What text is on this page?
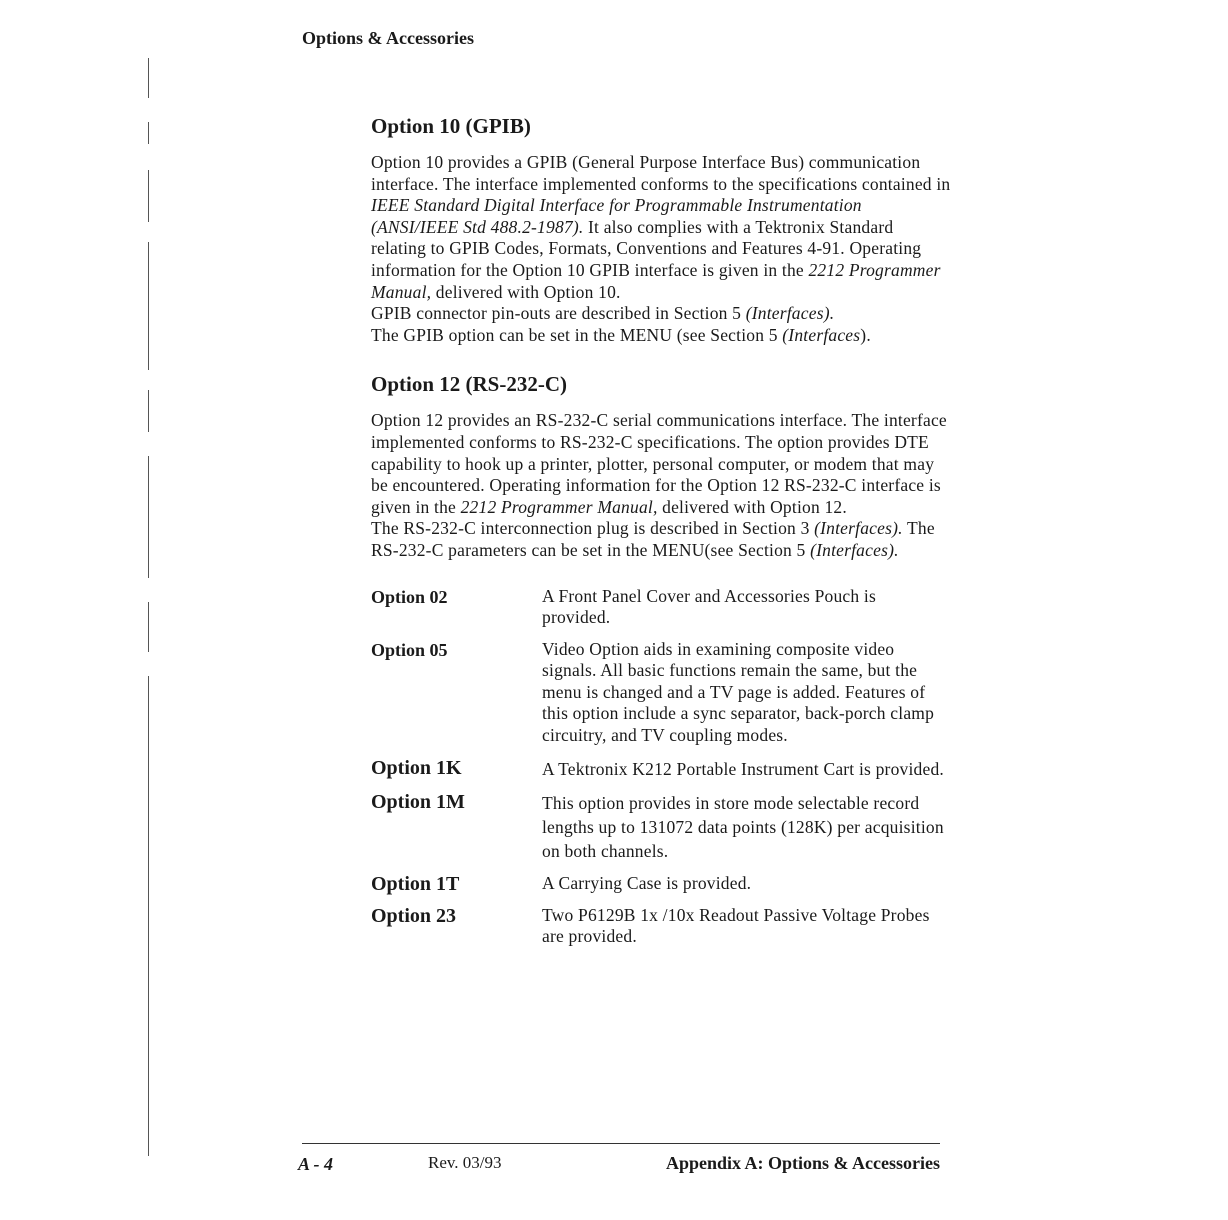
Options & Accessories
Option 10 (GPIB)

Option 10 provides a GPIB (General Purpose Interface Bus) communication interface. The interface implemented conforms to the specifications contained in IEEE Standard Digital Interface for Programmable Instrumentation (ANSI/IEEE Std 488.2-1987). It also complies with a Tektronix Standard relating to GPIB Codes, Formats, Conventions and Features 4-91. Operating information for the Option 10 GPIB interface is given in the 2212 Programmer Manual, delivered with Option 10.

GPIB connector pin-outs are described in Section 5 (Interfaces).

The GPIB option can be set in the MENU (see Section 5 (Interfaces).

Option 12 (RS-232-C)

Option 12 provides an RS-232-C serial communications interface. The interface implemented conforms to RS-232-C specifications. The option provides DTE capability to hook up a printer, plotter, personal computer, or modem that may be encountered. Operating information for the Option 12 RS-232-C interface is given in the 2212 Programmer Manual, delivered with Option 12.

The RS-232-C interconnection plug is described in Section 3 (Interfaces). The RS-232-C parameters can be set in the MENU(see Section 5 (Interfaces).

Option 02	A Front Panel Cover and Accessories Pouch is provided.
Option 05	Video Option aids in examining composite video signals. All basic functions remain the same, but the menu is changed and a TV page is added. Features of this option include a sync separator, back-porch clamp circuitry, and TV coupling modes.
Option 1K	A Tektronix K212 Portable Instrument Cart is provided.
Option 1M	This option provides in store mode selectable record lengths up to 131072 data points (128K) per acquisition on both channels.
Option 1T	A Carrying Case is provided.
Option 23	Two P6129B 1x /10x Readout Passive Voltage Probes are provided.
A - 4	Rev. 03/93	Appendix A: Options & Accessories
